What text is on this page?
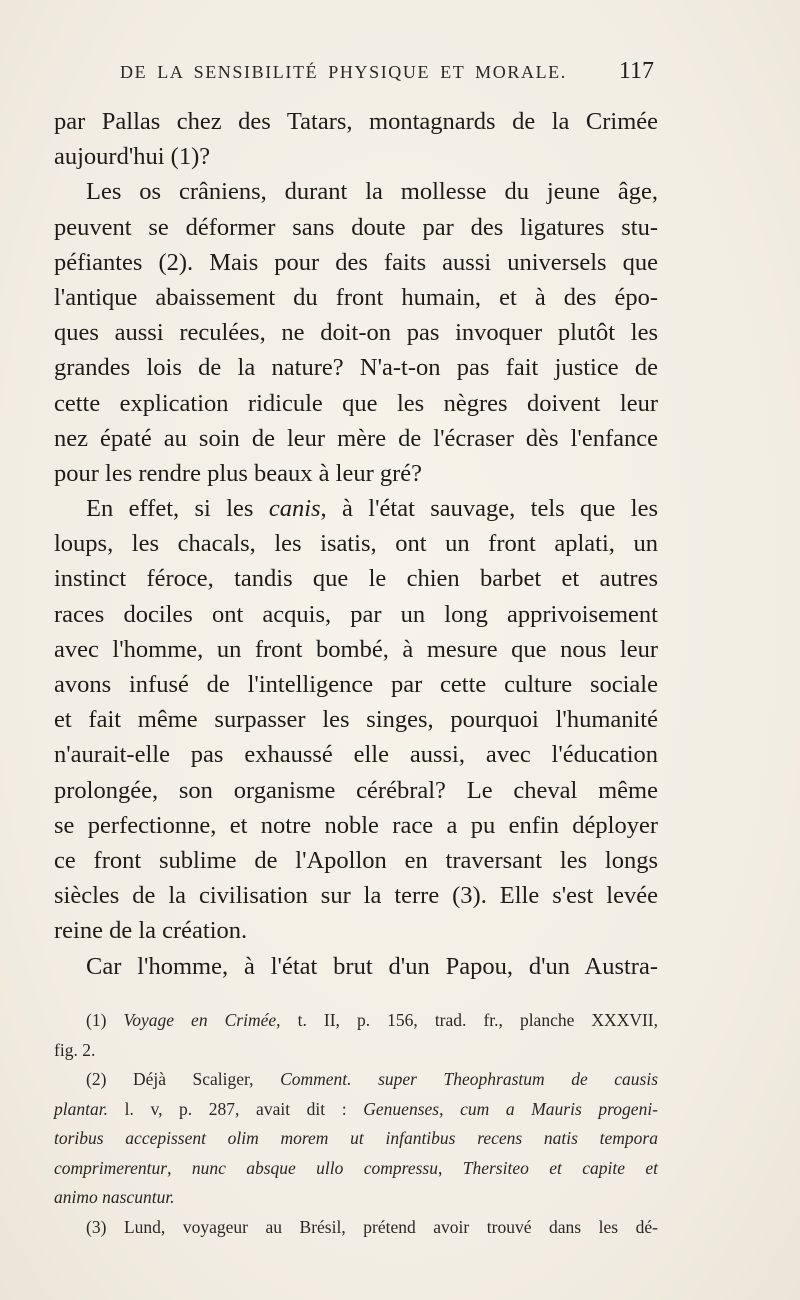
DE LA SENSIBILITÉ PHYSIQUE ET MORALE. 117
par Pallas chez des Tatars, montagnards de la Crimée
aujourd'hui (1)?
Les os crâniens, durant la mollesse du jeune âge,
peuvent se déformer sans doute par des ligatures stu-
péfiantes (2). Mais pour des faits aussi universels que
l'antique abaissement du front humain, et à des épo-
ques aussi reculées, ne doit-on pas invoquer plutôt les
grandes lois de la nature? N'a-t-on pas fait justice de
cette explication ridicule que les nègres doivent leur
nez épaté au soin de leur mère de l'écraser dès l'enfance
pour les rendre plus beaux à leur gré?
En effet, si les canis, à l'état sauvage, tels que les
loups, les chacals, les isatis, ont un front aplati, un
instinct féroce, tandis que le chien barbet et autres
races dociles ont acquis, par un long apprivoisement
avec l'homme, un front bombé, à mesure que nous leur
avons infusé de l'intelligence par cette culture sociale
et fait même surpasser les singes, pourquoi l'humanité
n'aurait-elle pas exhaussé elle aussi, avec l'éducation
prolongée, son organisme cérébral? Le cheval même
se perfectionne, et notre noble race a pu enfin déployer
ce front sublime de l'Apollon en traversant les longs
siècles de la civilisation sur la terre (3). Elle s'est levée
reine de la création.
Car l'homme, à l'état brut d'un Papou, d'un Austra-
(1) Voyage en Crimée, t. II, p. 156, trad. fr., planche XXXVII,
fig. 2.
(2) Déjà Scaliger, Comment. super Theophrastum de causis
plantar. l. v, p. 287, avait dit : Genuenses, cum a Mauris progeni-
toribus accepissent olim morem ut infantibus recens natis tempora
comprimerentur, nunc absque ullo compressu, Thersiteo et capite et
animo nascuntur.
(3) Lund, voyageur au Brésil, prétend avoir trouvé dans les dé-
